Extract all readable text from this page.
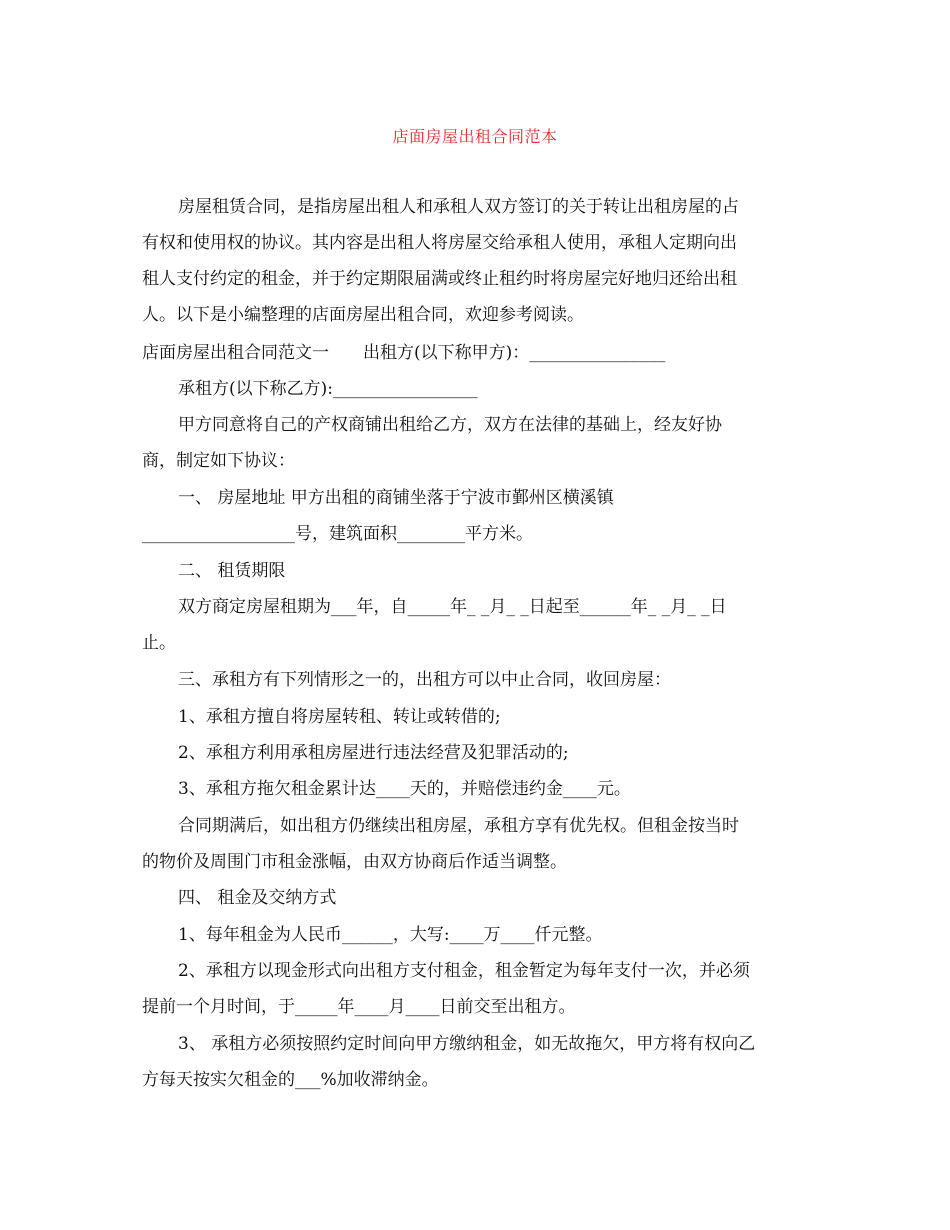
店面房屋出租合同范本
房屋租赁合同，是指房屋出租人和承租人双方签订的关于转让出租房屋的占
有权和使用权的协议。其内容是出租人将房屋交给承租人使用，承租人定期向出
租人支付约定的租金，并于约定期限届满或终止租约时将房屋完好地归还给出租
人。以下是小编整理的店面房屋出租合同，欢迎参考阅读。
店面房屋出租合同范文一　　出租方(以下称甲方)：________________
承租方(以下称乙方):_________________
甲方同意将自己的产权商铺出租给乙方，双方在法律的基础上，经友好协
商，制定如下协议：
一、 房屋地址 甲方出租的商铺坐落于宁波市鄞州区横溪镇
__________________号，建筑面积________平方米。
二、 租赁期限
双方商定房屋租期为___年，自_____年_ _月_ _日起至______年_ _月_ _日
止。
三、承租方有下列情形之一的，出租方可以中止合同，收回房屋：
1、承租方擅自将房屋转租、转让或转借的;
2、承租方利用承租房屋进行违法经营及犯罪活动的;
3、承租方拖欠租金累计达____天的，并赔偿违约金____元。
合同期满后，如出租方仍继续出租房屋，承租方享有优先权。但租金按当时
的物价及周围门市租金涨幅，由双方协商后作适当调整。
四、 租金及交纳方式
1、每年租金为人民币______，大写:____万____仟元整。
2、承租方以现金形式向出租方支付租金，租金暂定为每年支付一次，并必须
提前一个月时间，于_____年____月____日前交至出租方。
3、 承租方必须按照约定时间向甲方缴纳租金，如无故拖欠，甲方将有权向乙
方每天按实欠租金的___%加收滞纳金。
